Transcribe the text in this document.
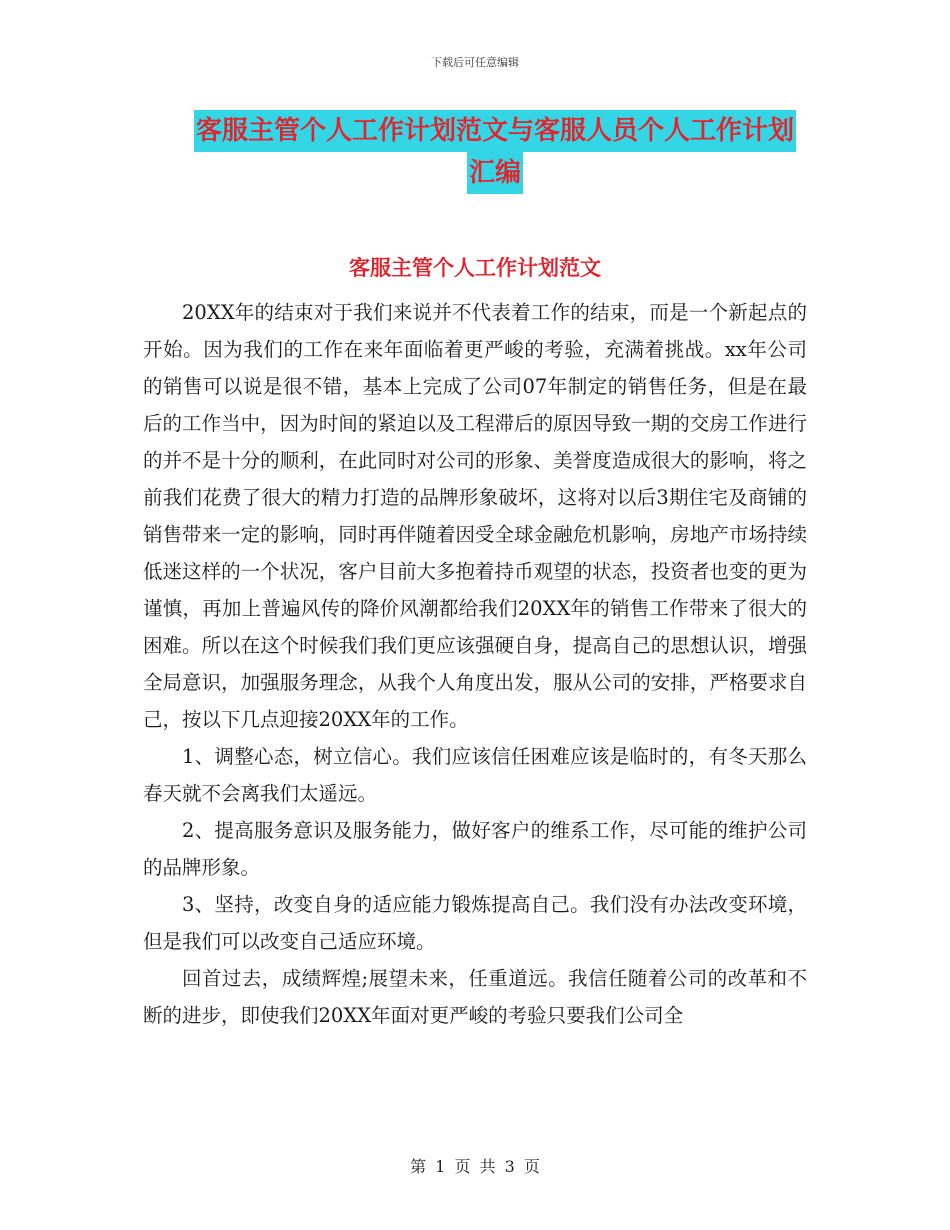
下载后可任意编辑
客服主管个人工作计划范文与客服人员个人工作计划
汇编
客服主管个人工作计划范文

20XX年的结束对于我们来说并不代表着工作的结束，而是一个新起点的开始。因为我们的工作在来年面临着更严峻的考验，充满着挑战。xx年公司的销售可以说是很不错，基本上完成了公司07年制定的销售任务，但是在最后的工作当中，因为时间的紧迫以及工程滞后的原因导致一期的交房工作进行的并不是十分的顺利，在此同时对公司的形象、美誉度造成很大的影响，将之前我们花费了很大的精力打造的品牌形象破坏，这将对以后3期住宅及商铺的销售带来一定的影响，同时再伴随着因受全球金融危机影响，房地产市场持续低迷这样的一个状况，客户目前大多抱着持币观望的状态，投资者也变的更为谨慎，再加上普遍风传的降价风潮都给我们20XX年的销售工作带来了很大的困难。所以在这个时候我们我们更应该强硬自身，提高自己的思想认识，增强全局意识，加强服务理念，从我个人角度出发，服从公司的安排，严格要求自己，按以下几点迎接20XX年的工作。

1、调整心态，树立信心。我们应该信任困难应该是临时的，有冬天那么春天就不会离我们太遥远。

2、提高服务意识及服务能力，做好客户的维系工作，尽可能的维护公司的品牌形象。

3、坚持，改变自身的适应能力锻炼提高自己。我们没有办法改变环境，但是我们可以改变自己适应环境。

回首过去，成绩辉煌;展望未来，任重道远。我信任随着公司的改革和不断的进步，即使我们20XX年面对更严峻的考验只要我们公司全

第 1 页 共 3 页
